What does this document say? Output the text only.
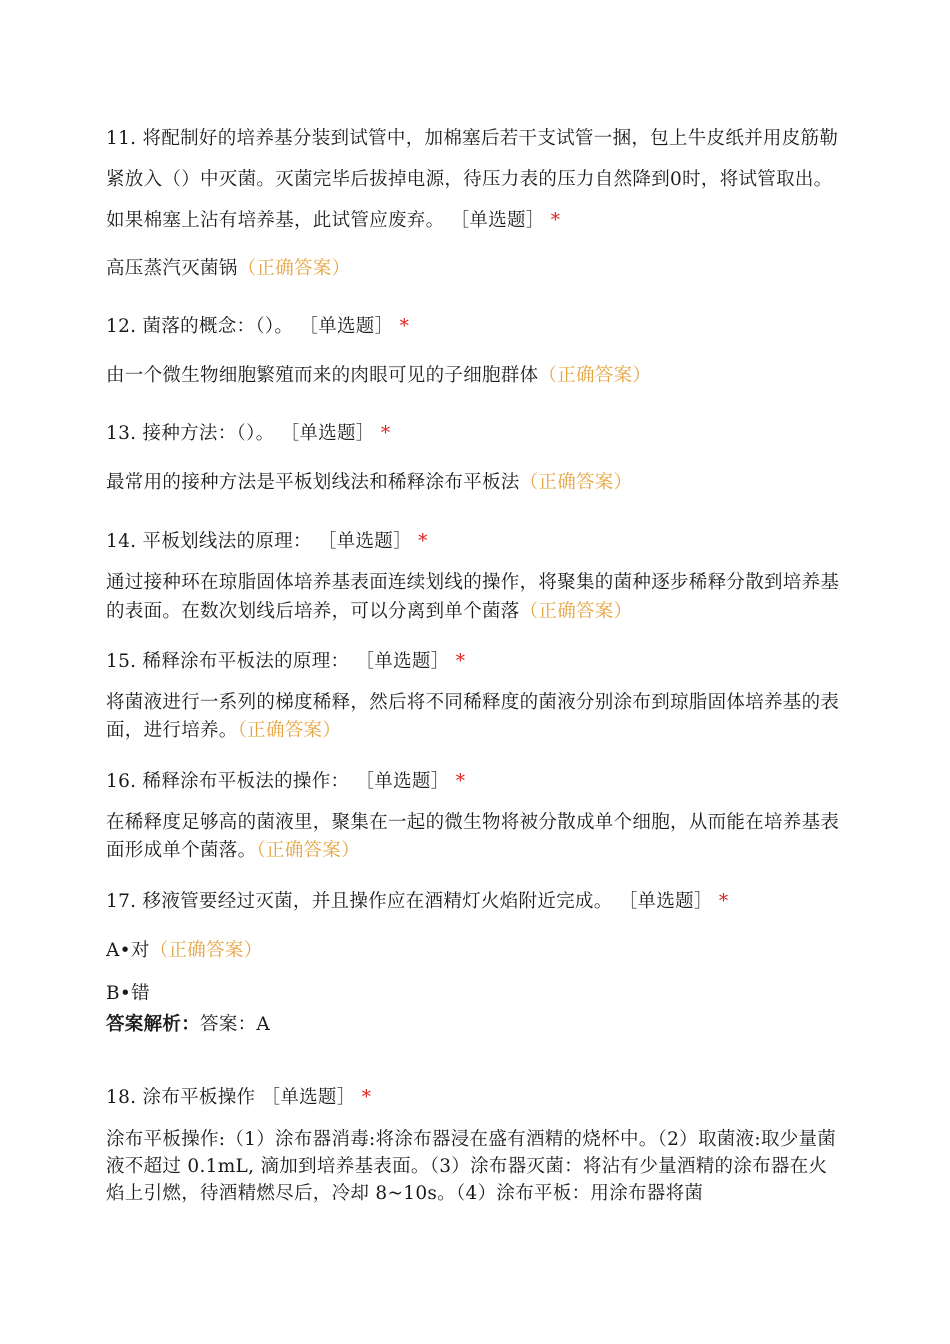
11. 将配制好的培养基分装到试管中，加棉塞后若干支试管一捆，包上牛皮纸并用皮筋勒紧放入（）中灭菌。灭菌完毕后拔掉电源，待压力表的压力自然降到0时，将试管取出。如果棉塞上沾有培养基，此试管应废弃。 ［单选题］ *
高压蒸汽灭菌锅（正确答案）
12. 菌落的概念：（）。 ［单选题］ *
由一个微生物细胞繁殖而来的肉眼可见的子细胞群体（正确答案）
13. 接种方法：（）。 ［单选题］ *
最常用的接种方法是平板划线法和稀释涂布平板法（正确答案）
14. 平板划线法的原理： ［单选题］ *
通过接种环在琼脂固体培养基表面连续划线的操作，将聚集的菌种逐步稀释分散到培养基的表面。在数次划线后培养，可以分离到单个菌落（正确答案）
15. 稀释涂布平板法的原理： ［单选题］ *
将菌液进行一系列的梯度稀释，然后将不同稀释度的菌液分别涂布到琼脂固体培养基的表面，进行培养。（正确答案）
16. 稀释涂布平板法的操作： ［单选题］ *
在稀释度足够高的菌液里，聚集在一起的微生物将被分散成单个细胞，从而能在培养基表面形成单个菌落。（正确答案）
17. 移液管要经过灭菌，并且操作应在酒精灯火焰附近完成。 ［单选题］ *
A•对（正确答案）
B•错
答案解析：答案：A
18. 涂布平板操作 ［单选题］ *
涂布平板操作:（1）涂布器消毒:将涂布器浸在盛有酒精的烧杯中。（2）取菌液:取少量菌液不超过 0.1mL, 滴加到培养基表面。（3）涂布器灭菌：将沾有少量酒精的涂布器在火焰上引燃，待酒精燃尽后，冷却 8~10s。（4）涂布平板：用涂布器将菌
